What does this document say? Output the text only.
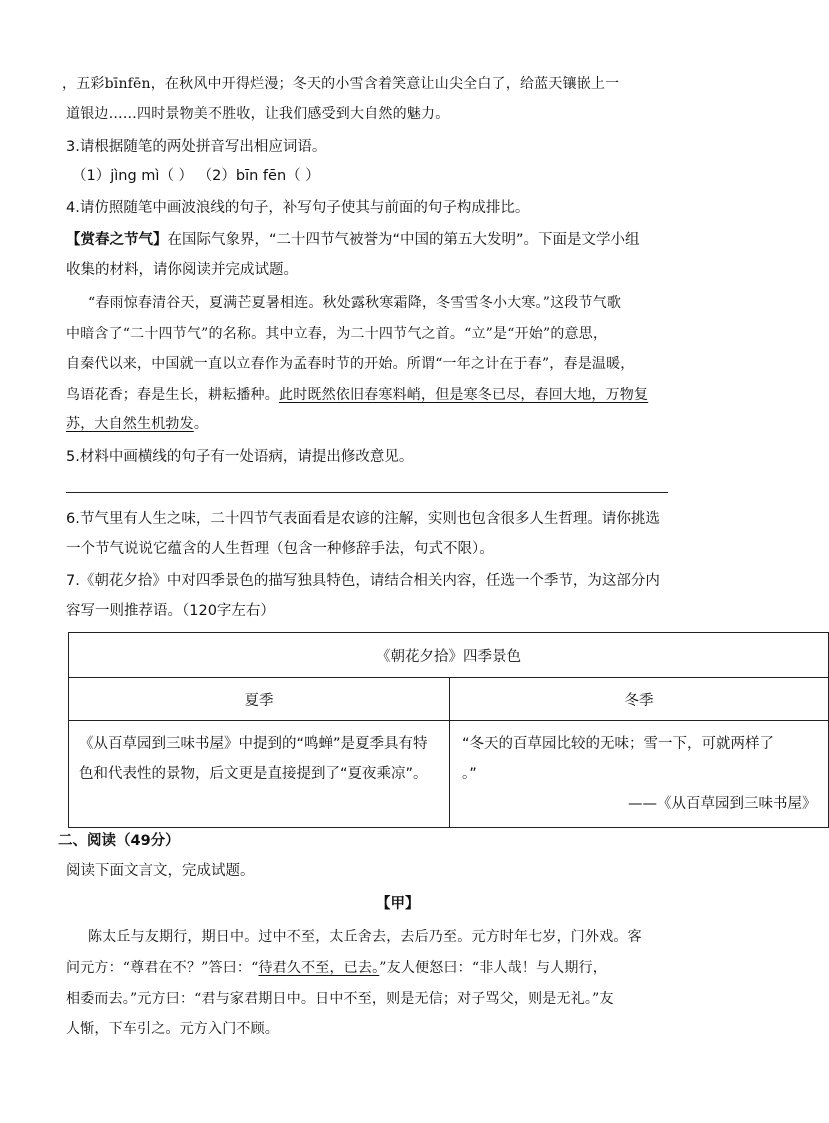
，五彩bīnfēn，在秋风中开得烂漫；冬天的小雪含着笑意让山尖全白了，给蓝天镶嵌上一
道银边……四时景物美不胜收，让我们感受到大自然的魅力。
3.请根据随笔的两处拼音写出相应词语。
（1）jìng mì（ ） （2）bīn fēn（ ）
4.请仿照随笔中画波浪线的句子，补写句子使其与前面的句子构成排比。
【赏春之节气】在国际气象界，“二十四节气被誉为“中国的第五大发明”。下面是文学小组
收集的材料，请你阅读并完成试题。
“春雨惊春清谷天，夏满芒夏暑相连。秋处露秋寒霜降，冬雪雪冬小大寒。”这段节气歌
中暗含了“二十四节气”的名称。其中立春，为二十四节气之首。“立”是“开始”的意思，
自秦代以来，中国就一直以立春作为孟春时节的开始。所谓“一年之计在于春”，春是温暖，
鸟语花香；春是生长，耕耘播种。此时既然依旧春寒料峭，但是寒冬已尽，春回大地，万物复
苏，大自然生机勃发。
5.材料中画横线的句子有一处语病，请提出修改意见。
6.节气里有人生之味，二十四节气表面看是农谚的注解，实则也包含很多人生哲理。请你挑选
一个节气说说它蕴含的人生哲理（包含一种修辞手法，句式不限）。
7.《朝花夕拾》中对四季景色的描写独具特色，请结合相关内容，任选一个季节，为这部分内
容写一则推荐语。（120字左右）
《朝花夕拾》四季景色	
夏季	冬季

《从百草园到三味书屋》中提到的“鸣蝉”是夏季具有特色和代表性的景物，后文更是直接提到了“夏夜乘凉”。	“冬天的百草园比较的无味；雪一下，可就两样了
。”
——《从百草园到三味书屋》
二、阅读（49分）
阅读下面文言文，完成试题。
【甲】
陈太丘与友期行，期日中。过中不至，太丘舍去，去后乃至。元方时年七岁，门外戏。客
问元方：“尊君在不？”答曰：“待君久不至，已去。”友人便怒曰：“非人哉！与人期行，
相委而去。”元方曰：“君与家君期日中。日中不至，则是无信；对子骂父，则是无礼。”友
人惭，下车引之。元方入门不顾。
